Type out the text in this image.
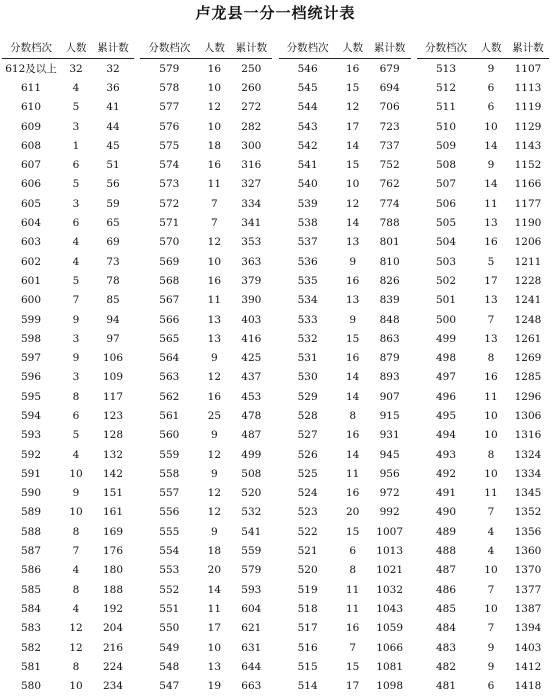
卢龙县一分一档统计表
分数档次	人数	累计数
612及以上	32	32
611	4	36
610	5	41
609	3	44
608	1	45
607	6	51
606	5	56
605	3	59
604	6	65
603	4	69
602	4	73
601	5	78
600	7	85
599	9	94
598	3	97
597	9	106
596	3	109
595	8	117
594	6	123
593	5	128
592	4	132
591	10	142
590	9	151
589	10	161
588	8	169
587	7	176
586	4	180
585	8	188
584	4	192
583	12	204
582	12	216
581	8	224
580	10	234
分数档次	人数	累计数
579	16	250
578	10	260
577	12	272
576	10	282
575	18	300
574	16	316
573	11	327
572	7	334
571	7	341
570	12	353
569	10	363
568	16	379
567	11	390
566	13	403
565	13	416
564	9	425
563	12	437
562	16	453
561	25	478
560	9	487
559	12	499
558	9	508
557	12	520
556	12	532
555	9	541
554	18	559
553	20	579
552	14	593
551	11	604
550	17	621
549	10	631
548	13	644
547	19	663
分数档次	人数	累计数
546	16	679
545	15	694
544	12	706
543	17	723
542	14	737
541	15	752
540	10	762
539	12	774
538	14	788
537	13	801
536	9	810
535	16	826
534	13	839
533	9	848
532	15	863
531	16	879
530	14	893
529	14	907
528	8	915
527	16	931
526	14	945
525	11	956
524	16	972
523	20	992
522	15	1007
521	6	1013
520	8	1021
519	11	1032
518	11	1043
517	16	1059
516	7	1066
515	15	1081
514	17	1098
分数档次	人数	累计数
513	9	1107
512	6	1113
511	6	1119
510	10	1129
509	14	1143
508	9	1152
507	14	1166
506	11	1177
505	13	1190
504	16	1206
503	5	1211
502	17	1228
501	13	1241
500	7	1248
499	13	1261
498	8	1269
497	16	1285
496	11	1296
495	10	1306
494	10	1316
493	8	1324
492	10	1334
491	11	1345
490	7	1352
489	4	1356
488	4	1360
487	10	1370
486	7	1377
485	10	1387
484	7	1394
483	9	1403
482	9	1412
481	6	1418
